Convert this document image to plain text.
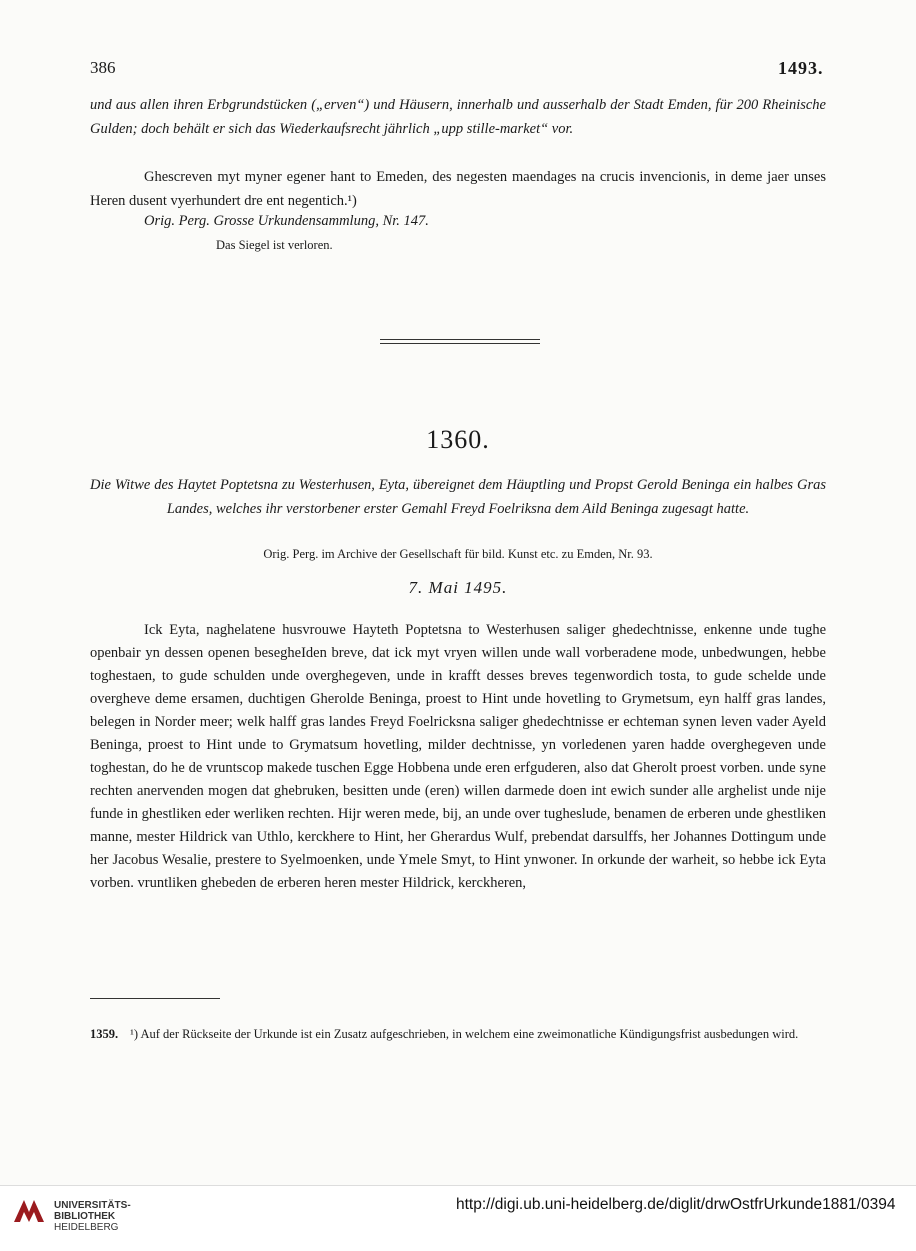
386	1493.
und aus allen ihren Erbgrundstücken („erven“) und Häusern, innerhalb und ausserhalb der Stadt Emden, für 200 Rheinische Gulden; doch behält er sich das Wiederkaufsrecht jährlich „upp stille-market“ vor.
Ghescreven myt myner egener hant to Emeden, des negesten maendages na crucis invencionis, in deme jaer unses Heren dusent vyerhundert dre ent negentich.¹)
Orig. Perg. Grosse Urkundensammlung, Nr. 147.
Das Siegel ist verloren.
1360.
Die Witwe des Haytet Poptetsna zu Westerhusen, Eyta, übereignet dem Häuptling und Propst Gerold Beninga ein halbes Gras Landes, welches ihr verstorbener erster Gemahl Freyd Foelriksna dem Aild Beninga zugesagt hatte.
Orig. Perg. im Archive der Gesellschaft für bild. Kunst etc. zu Emden, Nr. 93.
7. Mai 1495.
Ick Eyta, naghelatene husvrouwe Hayteth Poptetsna to Westerhusen saliger ghedechtnisse, enkenne unde tughe openbair yn dessen openen besegheIden breve, dat ick myt vryen willen unde wall vorberadene mode, unbedwungen, hebbe toghestaen, to gude schulden unde overghegeven, unde in krafft desses breves tegenwordich tosta, to gude schelde unde overgheve deme ersamen, duchtigen Gherolde Beninga, proest to Hint unde hovetling to Grymetsum, eyn halff gras landes, belegen in Norder meer; welk halff gras landes Freyd Foelricksna saliger ghedechtnisse er echteman synen leven vader Ayeld Beninga, proest to Hint unde to Grymatsum hovetling, milder dechtnisse, yn vorledenen yaren hadde overghegeven unde toghestan, do he de vruntscop makede tuschen Egge Hobbena unde eren erfguderen, also dat Gherolt proest vorben. unde syne rechten anervenden mogen dat ghebruken, besitten unde (eren) willen darmede doen int ewich sunder alle arghelist unde nije funde in ghestliken eder werliken rechten. Hijr weren mede, bij, an unde over tugheslude, benamen de erberen unde ghestliken manne, mester Hildrick van Uthlo, kerckhere to Hint, her Gherardus Wulf, prebendat darsulffs, her Johannes Dottingum unde her Jacobus Wesalie, prestere to Syelmoenken, unde Ymele Smyt, to Hint ynwoner. In orkunde der warheit, so hebbe ick Eyta vorben. vruntliken ghebeden de erberen heren mester Hildrick, kerckheren,
1359. ¹) Auf der Rückseite der Urkunde ist ein Zusatz aufgeschrieben, in welchem eine zweimonatliche Kündigungsfrist ausbedungen wird.
UNIVERSITÄTS-
BIBLIOTHEK
HEIDELBERG
http://digi.ub.uni-heidelberg.de/diglit/drwOstfrUrkunde1881/0394
